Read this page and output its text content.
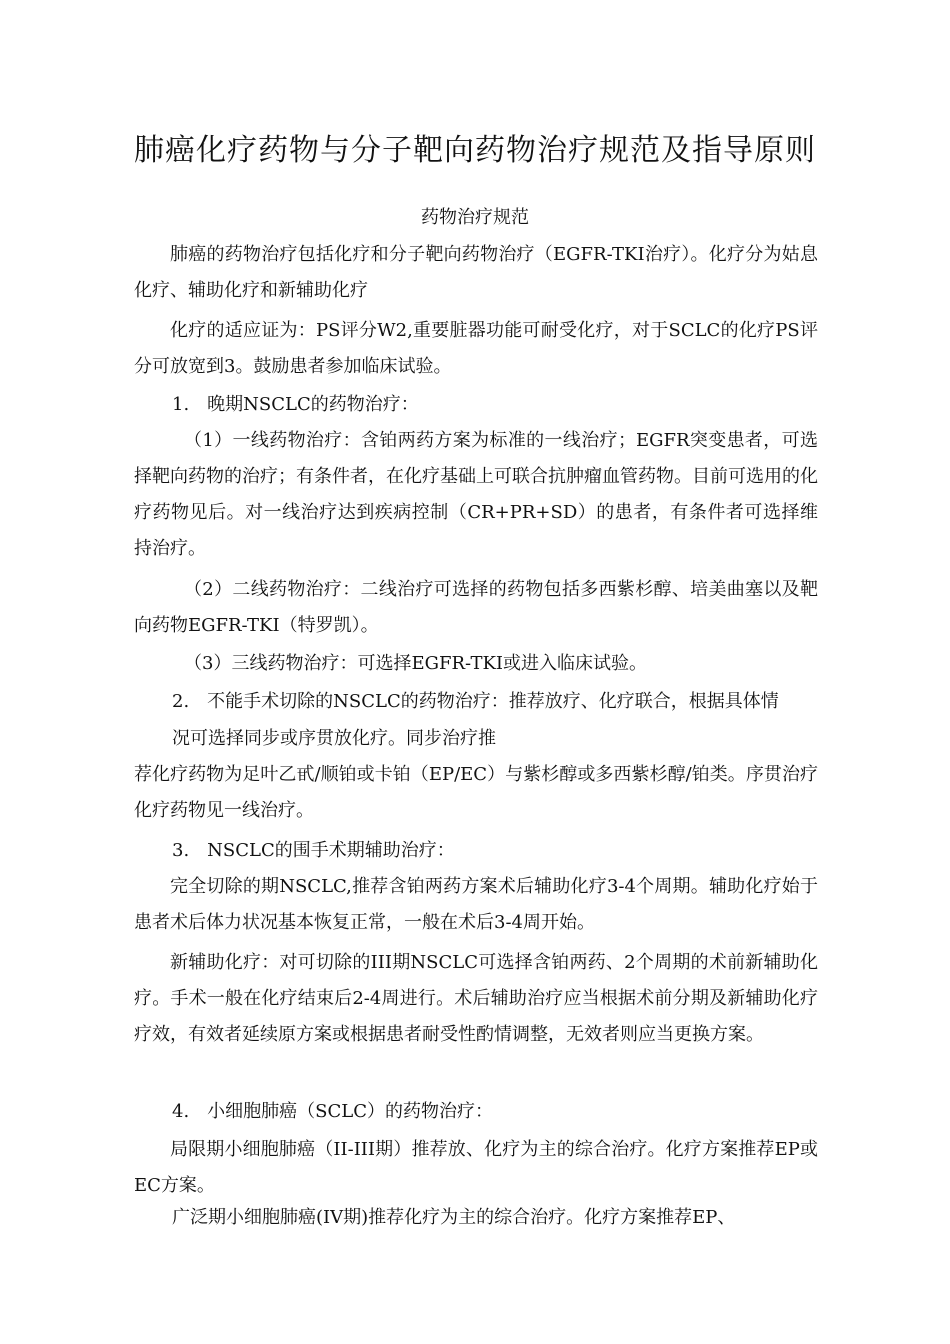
肺癌化疗药物与分子靶向药物治疗规范及指导原则
药物治疗规范

肺癌的药物治疗包括化疗和分子靶向药物治疗（EGFR-TKI治疗）。化疗分为姑息化疗、辅助化疗和新辅助化疗

化疗的适应证为：PS评分W2,重要脏器功能可耐受化疗，对于SCLC的化疗PS评分可放宽到3。鼓励患者参加临床试验。

1.　晚期NSCLC的药物治疗：

（1）一线药物治疗：含铂两药方案为标准的一线治疗；EGFR突变患者，可选择靶向药物的治疗；有条件者，在化疗基础上可联合抗肿瘤血管药物。目前可选用的化疗药物见后。对一线治疗达到疾病控制（CR+PR+SD）的患者，有条件者可选择维持治疗。

（2）二线药物治疗：二线治疗可选择的药物包括多西紫杉醇、培美曲塞以及靶向药物EGFR-TKI（特罗凯）。

（3）三线药物治疗：可选择EGFR-TKI或进入临床试验。

2.　不能手术切除的NSCLC的药物治疗：推荐放疗、化疗联合，根据具体情

况可选择同步或序贯放化疗。同步治疗推

荐化疗药物为足叶乙甙/顺铂或卡铂（EP/EC）与紫杉醇或多西紫杉醇/铂类。序贯治疗化疗药物见一线治疗。

3.　NSCLC的围手术期辅助治疗：

完全切除的期NSCLC,推荐含铂两药方案术后辅助化疗3-4个周期。辅助化疗始于患者术后体力状况基本恢复正常，一般在术后3-4周开始。

新辅助化疗：对可切除的III期NSCLC可选择含铂两药、2个周期的术前新辅助化疗。手术一般在化疗结束后2-4周进行。术后辅助治疗应当根据术前分期及新辅助化疗疗效，有效者延续原方案或根据患者耐受性酌情调整，无效者则应当更换方案。

4.　小细胞肺癌（SCLC）的药物治疗：

局限期小细胞肺癌（II-III期）推荐放、化疗为主的综合治疗。化疗方案推荐EP或EC方案。

广泛期小细胞肺癌(IV期)推荐化疗为主的综合治疗。化疗方案推荐EP、
